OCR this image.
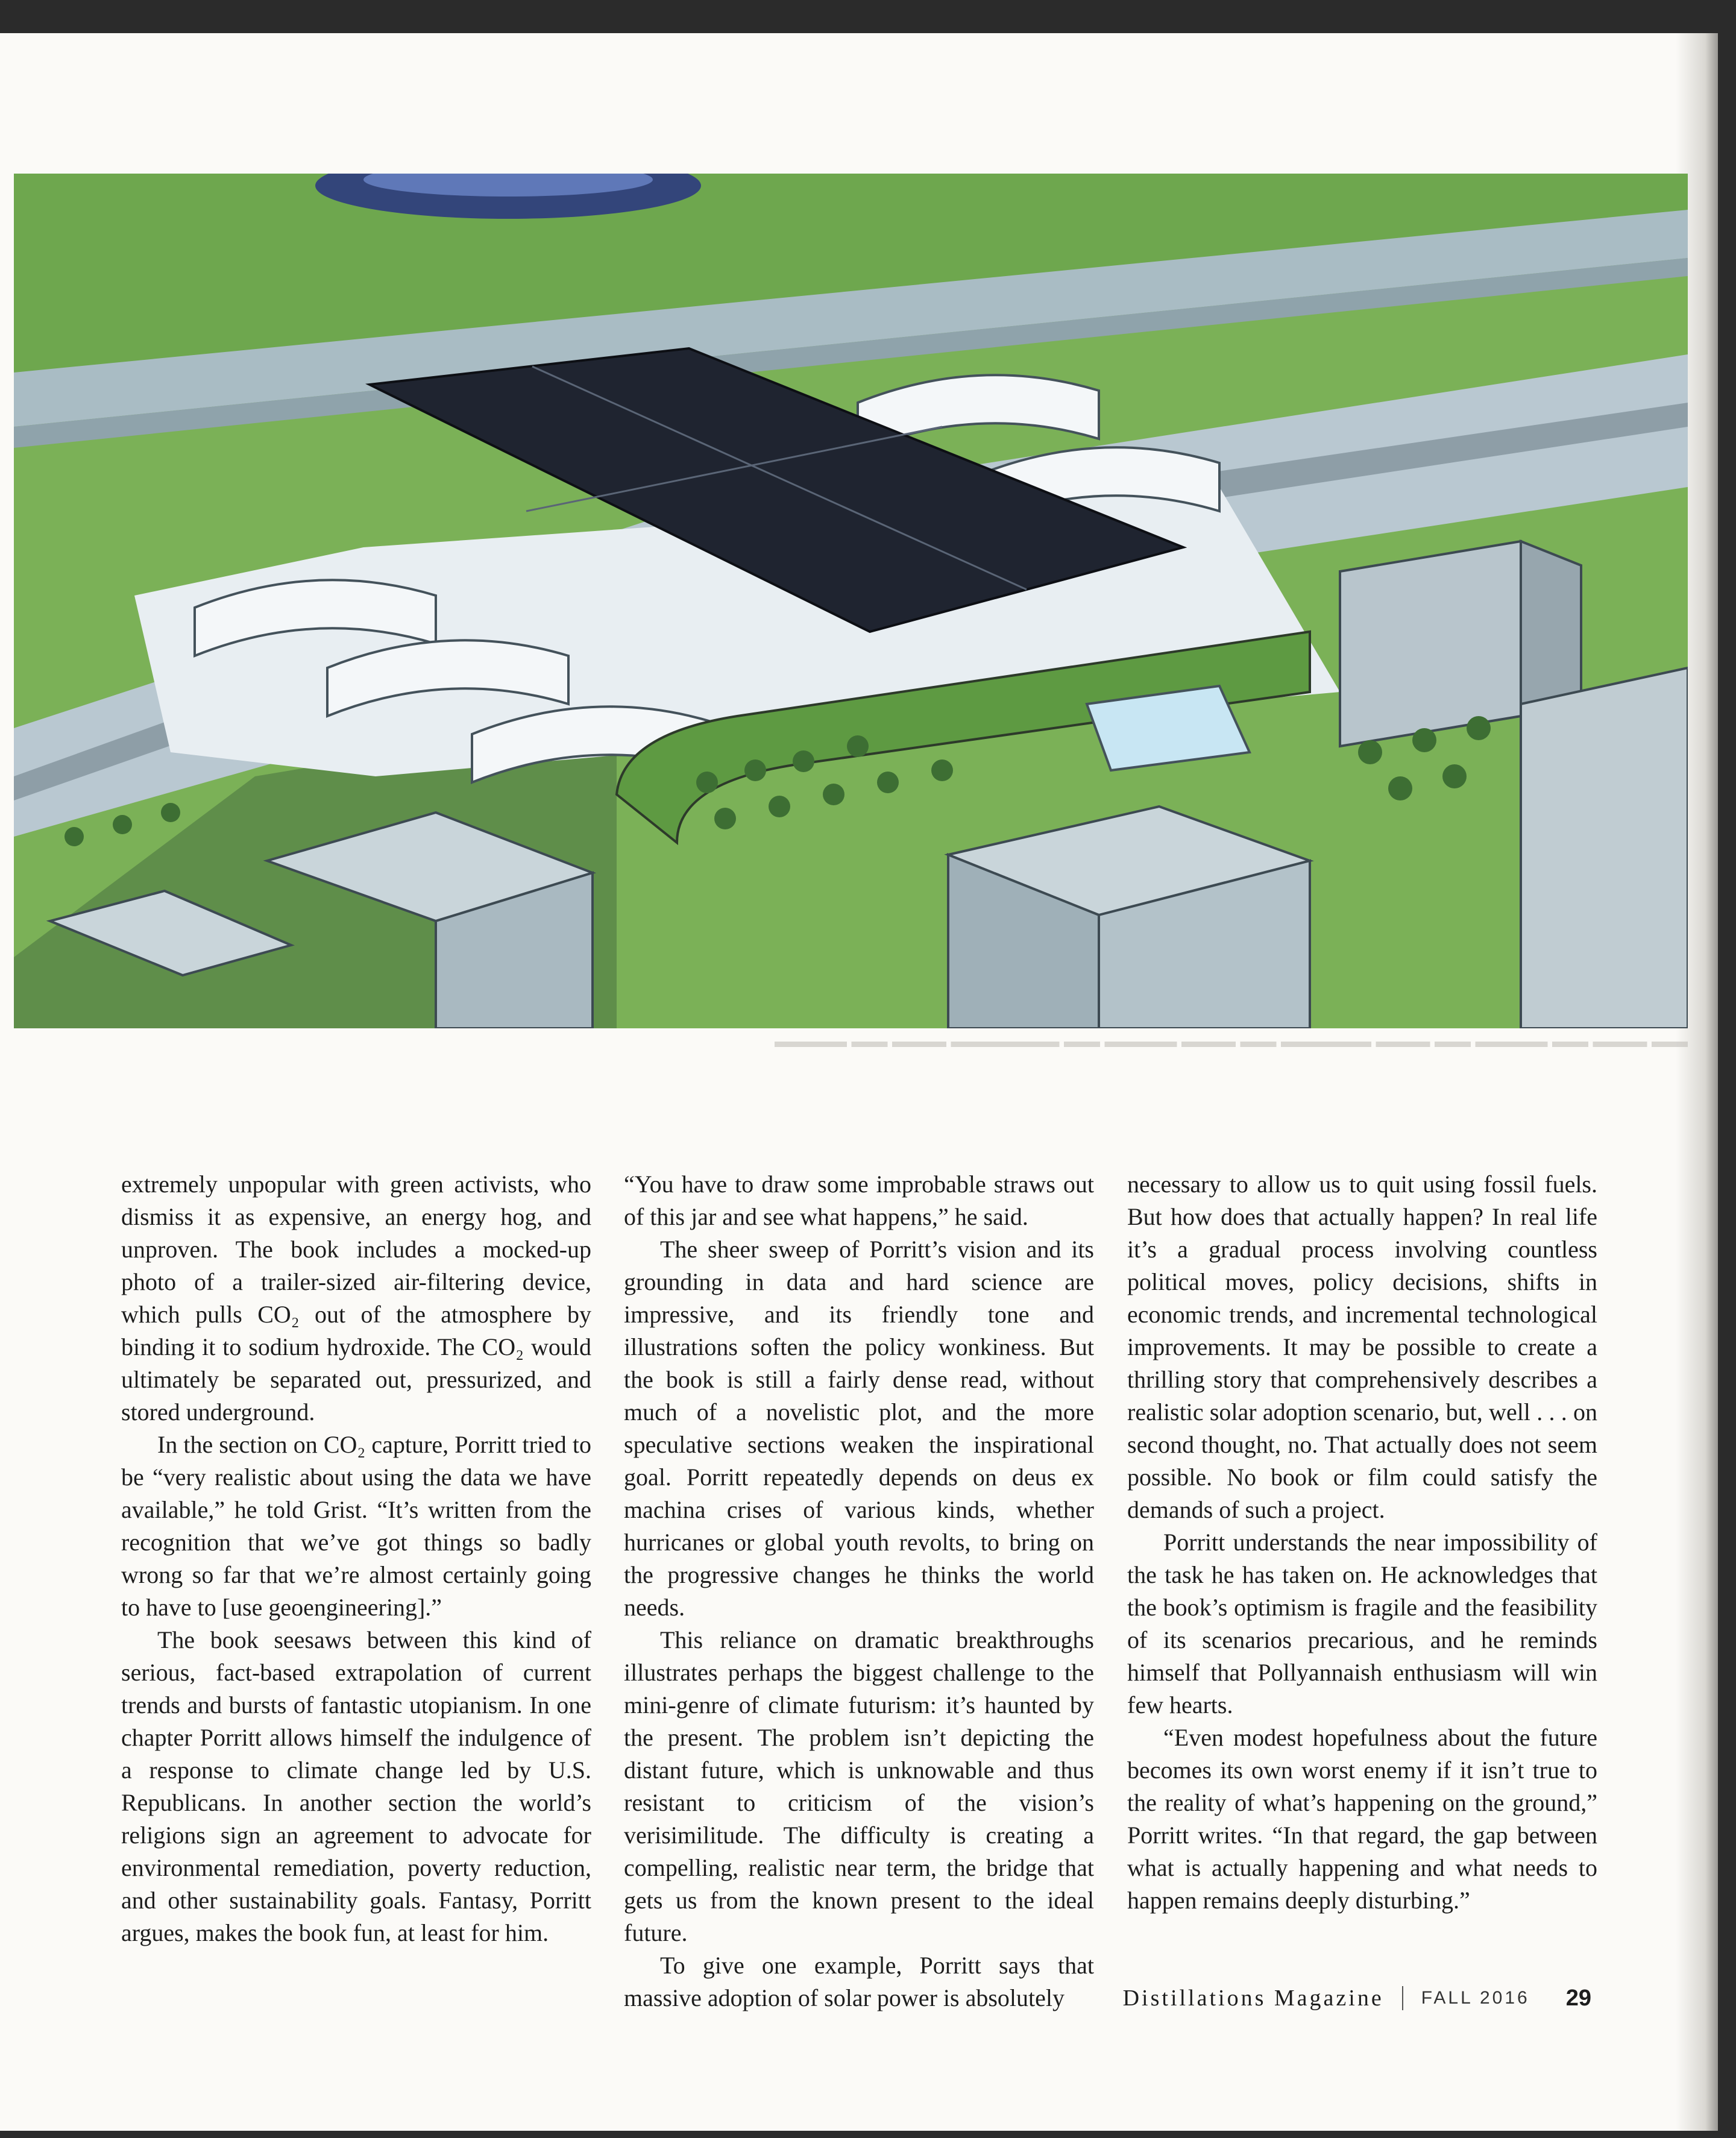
▬▬ ▬▬▬ ▬▬ ▬▬▬▬ ▬▬ ▬▬▬ ▬▬▬▬▬ ▬▬ ▬▬▬ ▬▬▬▬ ▬▬ ▬▬▬▬▬▬ ▬▬▬ ▬▬ ▬▬▬▬

extremely unpopular with green activists, who dismiss it as expensive, an energy hog, and unproven. The book includes a mocked-up photo of a trailer-sized air-filtering device, which pulls CO₂ out of the atmosphere by binding it to sodium hydroxide. The CO₂ would ultimately be separated out, pressurized, and stored underground.

In the section on CO₂ capture, Porritt tried to be “very realistic about using the data we have available,” he told Grist. “It’s written from the recognition that we’ve got things so badly wrong so far that we’re almost certainly going to have to [use geoengineering].”

The book seesaws between this kind of serious, fact-based extrapolation of current trends and bursts of fantastic utopianism. In one chapter Porritt allows himself the indulgence of a response to climate change led by U.S. Republicans. In another section the world’s religions sign an agreement to advocate for environmental remediation, poverty reduction, and other sustainability goals. Fantasy, Porritt argues, makes the book fun, at least for him.

“You have to draw some improbable straws out of this jar and see what happens,” he said.

The sheer sweep of Porritt’s vision and its grounding in data and hard science are impressive, and its friendly tone and illustrations soften the policy wonkiness. But the book is still a fairly dense read, without much of a novelistic plot, and the more speculative sections weaken the inspirational goal. Porritt repeatedly depends on deus ex machina crises of various kinds, whether hurricanes or global youth revolts, to bring on the progressive changes he thinks the world needs.

This reliance on dramatic breakthroughs illustrates perhaps the biggest challenge to the mini-genre of climate futurism: it’s haunted by the present. The problem isn’t depicting the distant future, which is unknowable and thus resistant to criticism of the vision’s verisimilitude. The difficulty is creating a compelling, realistic near term, the bridge that gets us from the known present to the ideal future.

To give one example, Porritt says that massive adoption of solar power is absolutely

necessary to allow us to quit using fossil fuels. But how does that actually happen? In real life it’s a gradual process involving countless political moves, policy decisions, shifts in economic trends, and incremental technological improvements. It may be possible to create a thrilling story that comprehensively describes a realistic solar adoption scenario, but, well . . . on second thought, no. That actually does not seem possible. No book or film could satisfy the demands of such a project.

Porritt understands the near impossibility of the task he has taken on. He acknowledges that the book’s optimism is fragile and the feasibility of its scenarios precarious, and he reminds himself that Pollyannaish enthusiasm will win few hearts.

“Even modest hopefulness about the future becomes its own worst enemy if it isn’t true to the reality of what’s happening on the ground,” Porritt writes. “In that regard, the gap between what is actually happening and what needs to happen remains deeply disturbing.”

Distillations Magazine FALL 2016 29
